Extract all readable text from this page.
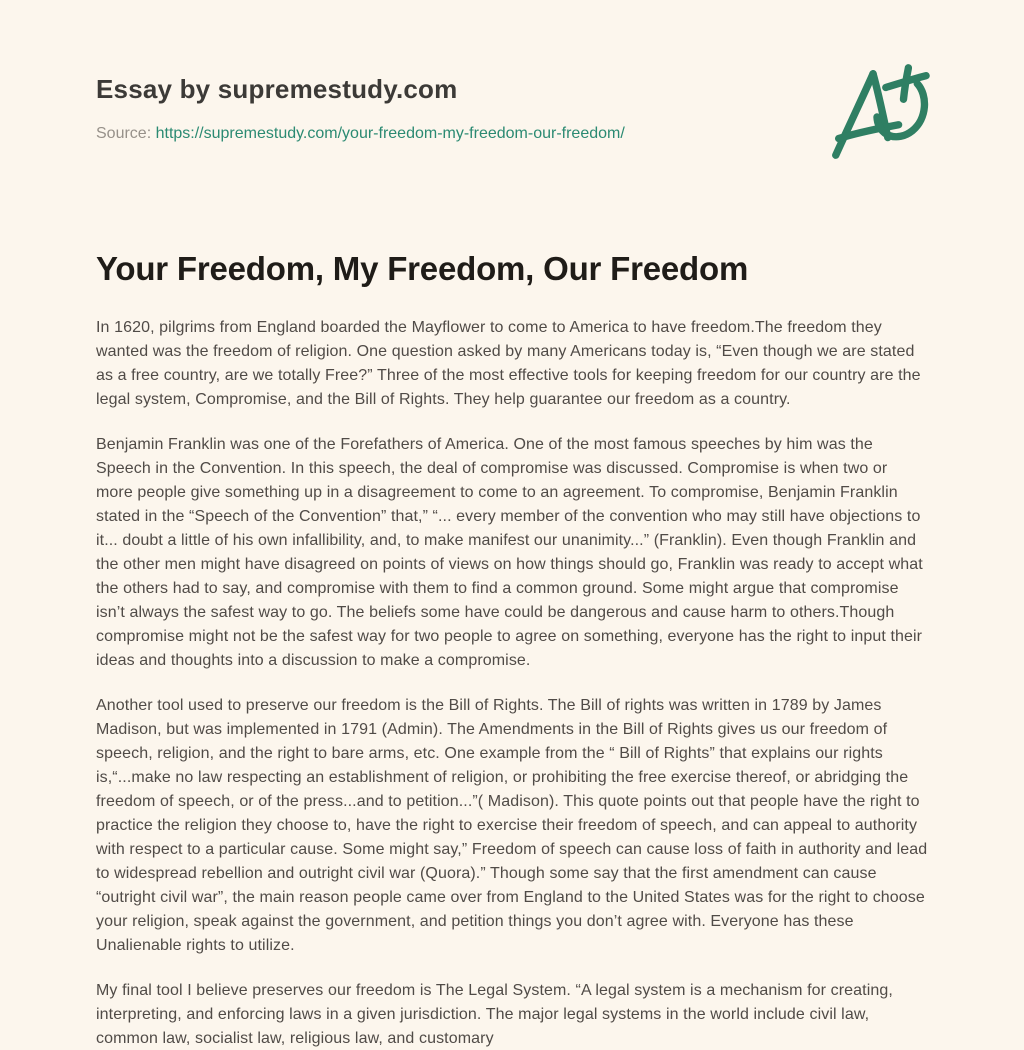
Essay by supremestudy.com
Source: https://supremestudy.com/your-freedom-my-freedom-our-freedom/
Your Freedom, My Freedom, Our Freedom

In 1620, pilgrims from England boarded the Mayflower to come to America to have freedom.The freedom they wanted was the freedom of religion. One question asked by many Americans today is, “Even though we are stated as a free country, are we totally Free?” Three of the most effective tools for keeping freedom for our country are the legal system, Compromise, and the Bill of Rights. They help guarantee our freedom as a country.

Benjamin Franklin was one of the Forefathers of America. One of the most famous speeches by him was the Speech in the Convention. In this speech, the deal of compromise was discussed. Compromise is when two or more people give something up in a disagreement to come to an agreement. To compromise, Benjamin Franklin stated in the “Speech of the Convention” that,” “... every member of the convention who may still have objections to it... doubt a little of his own infallibility, and, to make manifest our unanimity...” (Franklin). Even though Franklin and the other men might have disagreed on points of views on how things should go, Franklin was ready to accept what the others had to say, and compromise with them to find a common ground. Some might argue that compromise isn’t always the safest way to go. The beliefs some have could be dangerous and cause harm to others.Though compromise might not be the safest way for two people to agree on something, everyone has the right to input their ideas and thoughts into a discussion to make a compromise.

Another tool used to preserve our freedom is the Bill of Rights. The Bill of rights was written in 1789 by James Madison, but was implemented in 1791 (Admin). The Amendments in the Bill of Rights gives us our freedom of speech, religion, and the right to bare arms, etc. One example from the “ Bill of Rights” that explains our rights is,“...make no law respecting an establishment of religion, or prohibiting the free exercise thereof, or abridging the freedom of speech, or of the press...and to petition...”( Madison). This quote points out that people have the right to practice the religion they choose to, have the right to exercise their freedom of speech, and can appeal to authority with respect to a particular cause. Some might say,” Freedom of speech can cause loss of faith in authority and lead to widespread rebellion and outright civil war (Quora).” Though some say that the first amendment can cause “outright civil war”, the main reason people came over from England to the United States was for the right to choose your religion, speak against the government, and petition things you don’t agree with. Everyone has these Unalienable rights to utilize.

My final tool I believe preserves our freedom is The Legal System. “A legal system is a mechanism for creating, interpreting, and enforcing laws in a given jurisdiction. The major legal systems in the world include civil law, common law, socialist law, religious law, and customary
